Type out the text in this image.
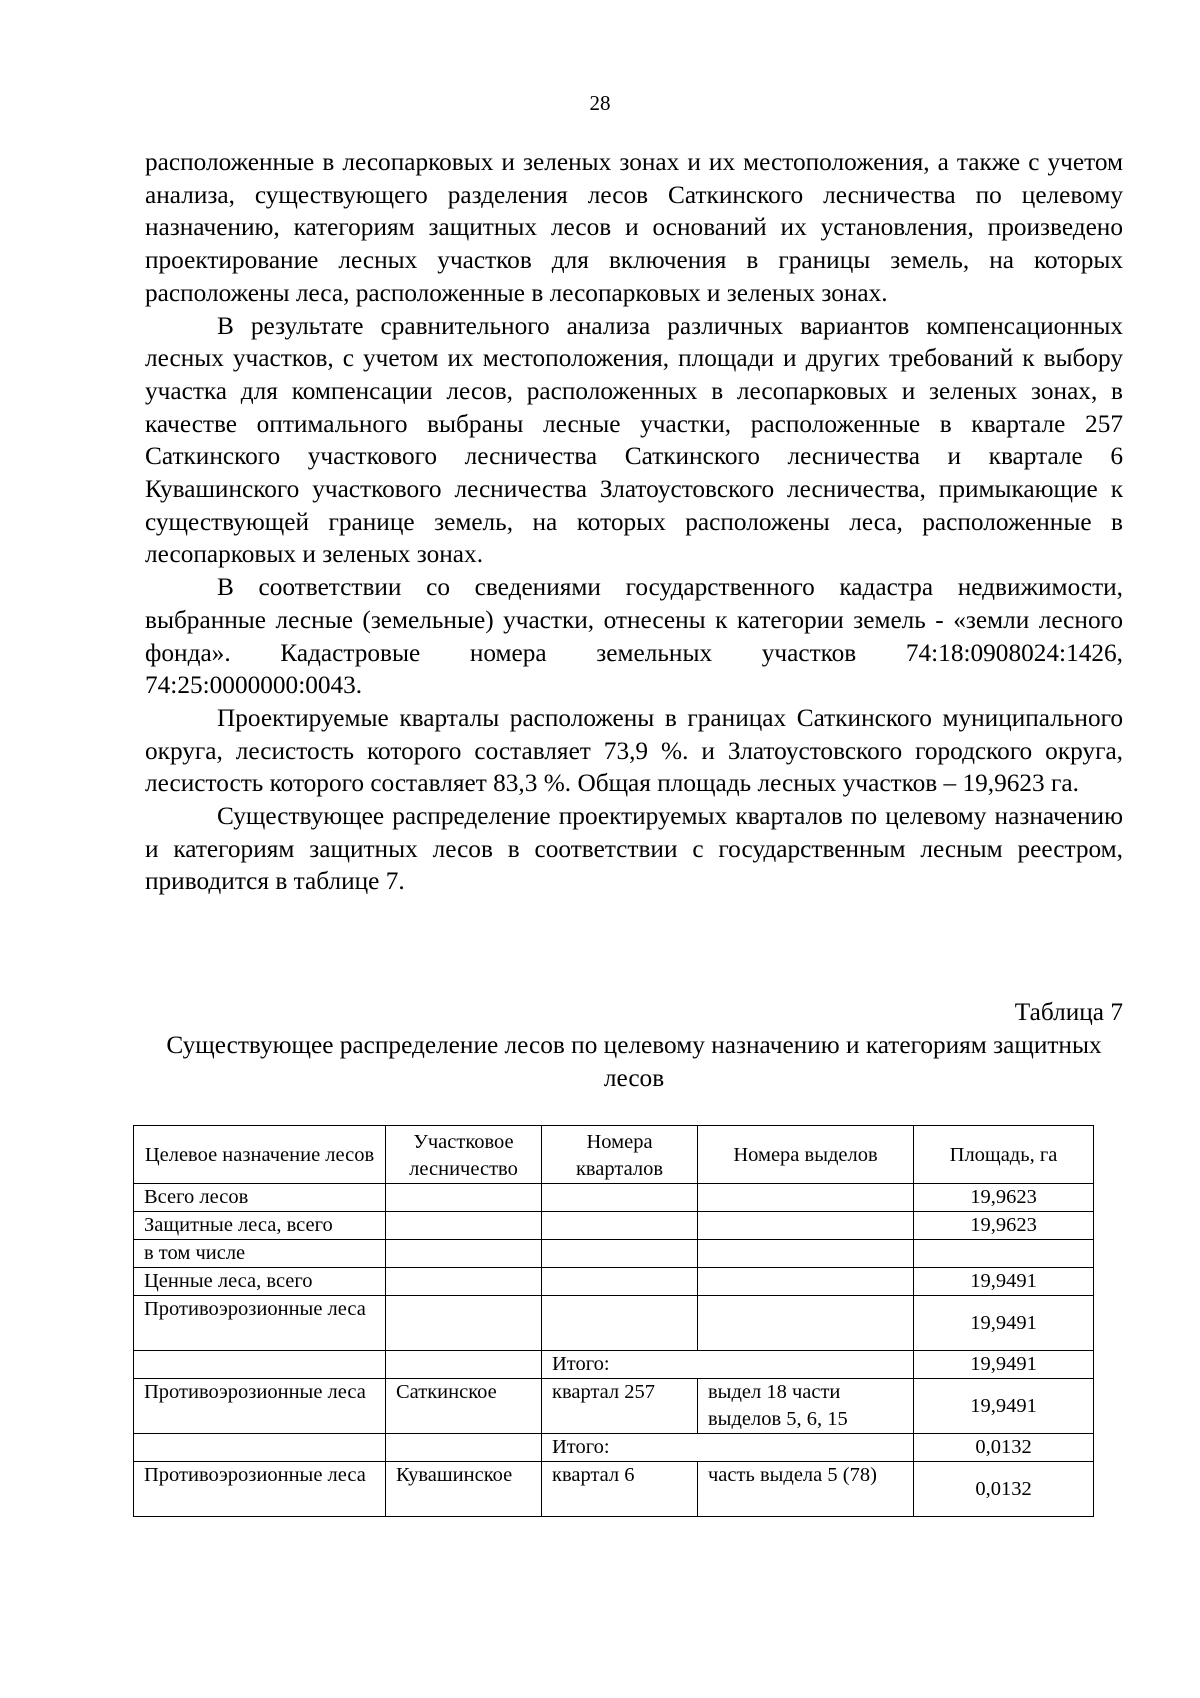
28

расположенные в лесопарковых и зеленых зонах и их местоположения, а также с учетом анализа, существующего разделения лесов Саткинского лесничества по целевому назначению, категориям защитных лесов и оснований их установления, произведено проектирование лесных участков для включения в границы земель, на которых расположены леса, расположенные в лесопарковых и зеленых зонах.

В результате сравнительного анализа различных вариантов компенсационных лесных участков, с учетом их местоположения, площади и других требований к выбору участка для компенсации лесов, расположенных в лесопарковых и зеленых зонах, в качестве оптимального выбраны лесные участки, расположенные в квартале 257 Саткинского участкового лесничества Саткинского лесничества и квартале 6 Кувашинского участкового лесничества Златоустовского лесничества, примыкающие к существующей границе земель, на которых расположены леса, расположенные в лесопарковых и зеленых зонах.

В соответствии со сведениями государственного кадастра недвижимости, выбранные лесные (земельные) участки, отнесены к категории земель - «земли лесного фонда». Кадастровые номера земельных участков 74:18:0908024:1426, 74:25:0000000:0043.

Проектируемые кварталы расположены в границах Саткинского муниципального округа, лесистость которого составляет 73,9 %. и Златоустовского городского округа, лесистость которого составляет 83,3 %. Общая площадь лесных участков – 19,9623 га.

Существующее распределение проектируемых кварталов по целевому назначению и категориям защитных лесов в соответствии с государственным лесным реестром, приводится в таблице 7.

Таблица 7
Существующее распределение лесов по целевому назначению и категориям защитных лесов
Целевое назначение лесов	Участковое лесничество	Номера кварталов	Номера выделов	Площадь, га
Всего лесов				19,9623
Защитные леса, всего				19,9623
в том числе				
Ценные леса, всего				19,9491
Противоэрозионные леса				19,9491
		Итого:		19,9491
Противоэрозионные леса	Саткинское	квартал 257	выдел 18 части выделов 5, 6, 15	19,9491
		Итого:		0,0132
Противоэрозионные леса	Кувашинское	квартал 6	часть выдела 5 (78)	0,0132
